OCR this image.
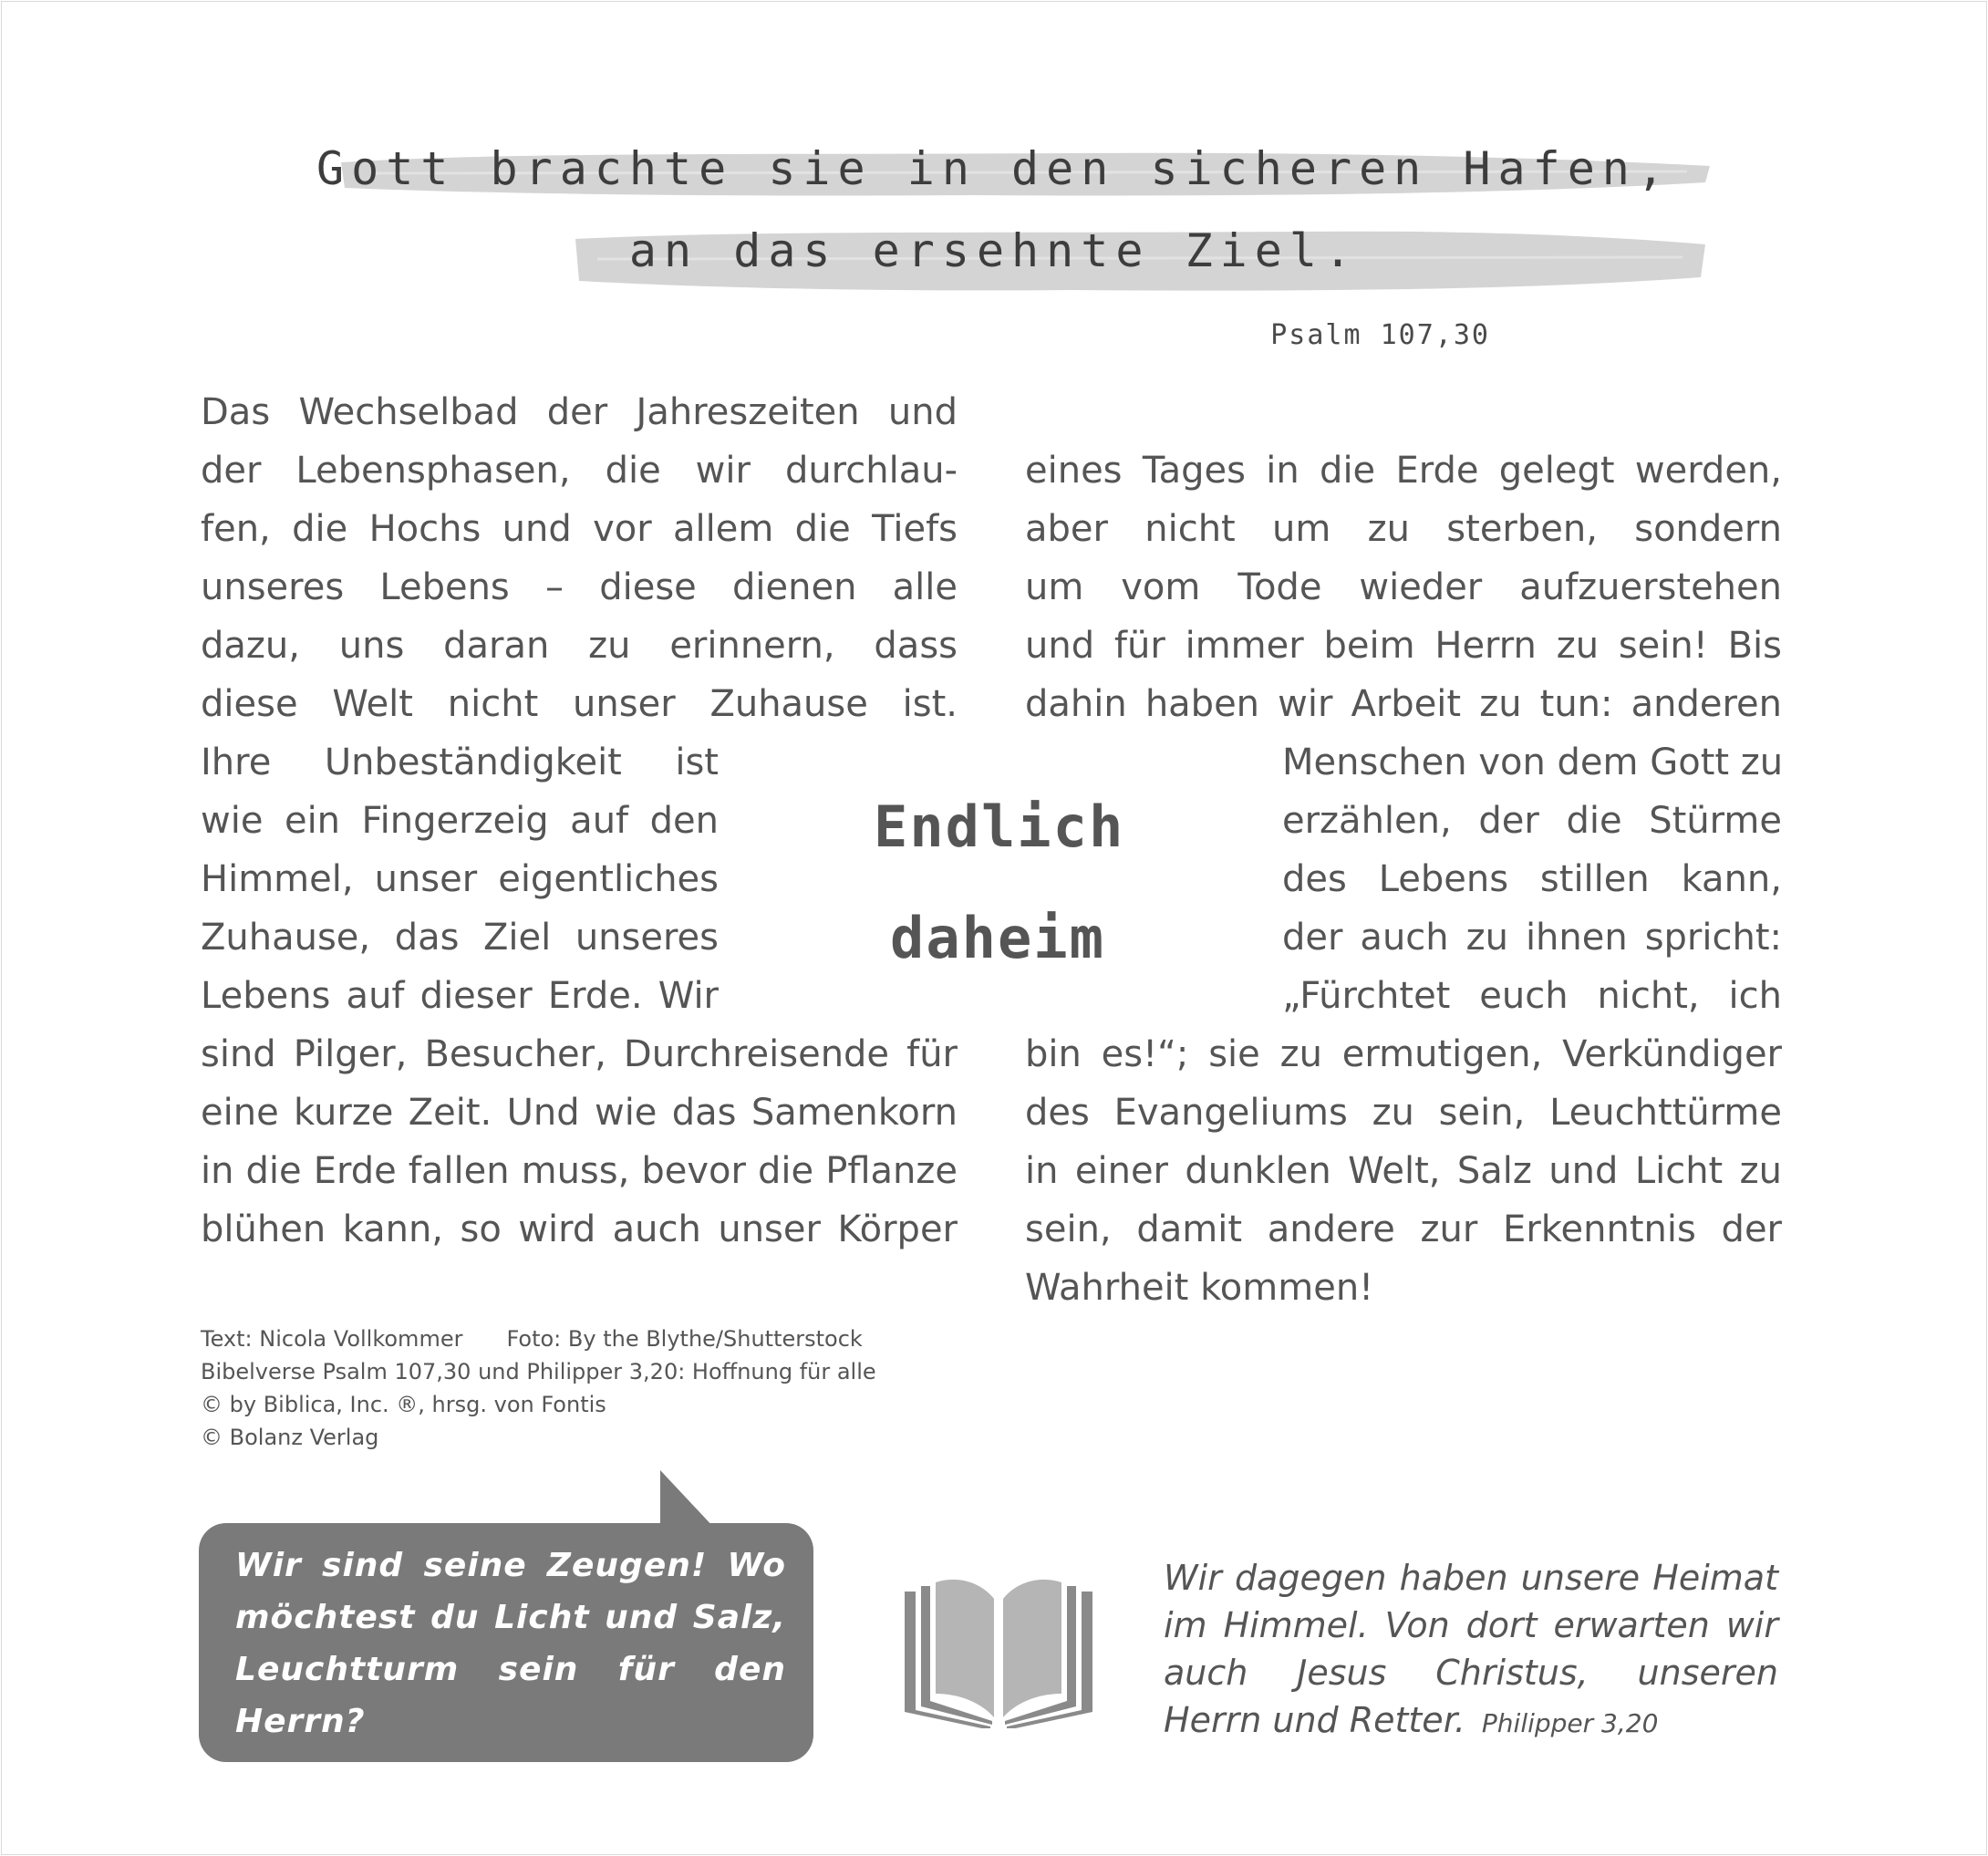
Gott brachte sie in den sicheren Hafen,
an das ersehnte Ziel.
Psalm 107,30
Das Wechselbad der Jahreszeiten und
der Lebensphasen, die wir durchlau-
fen, die Hochs und vor allem die Tiefs
unseres Lebens – diese dienen alle
dazu, uns daran zu erinnern, dass
diese Welt nicht unser Zuhause ist.
Ihre Unbeständigkeit ist
wie ein Fingerzeig auf den
Himmel, unser eigentliches
Zuhause, das Ziel unseres
Lebens auf dieser Erde. Wir
sind Pilger, Besucher, Durchreisende für
eine kurze Zeit. Und wie das Samenkorn
in die Erde fallen muss, bevor die Pflanze
blühen kann, so wird auch unser Körper
Endlich
daheim
eines Tages in die Erde gelegt werden,
aber nicht um zu sterben, sondern
um vom Tode wieder aufzuerstehen
und für immer beim Herrn zu sein! Bis
dahin haben wir Arbeit zu tun: anderen
Menschen von dem Gott zu
erzählen, der die Stürme
des Lebens stillen kann,
der auch zu ihnen spricht:
„Fürchtet euch nicht, ich
bin es!“; sie zu ermutigen, Verkündiger
des Evangeliums zu sein, Leuchttürme
in einer dunklen Welt, Salz und Licht zu
sein, damit andere zur Erkenntnis der
Wahrheit kommen!
Text: Nicola Vollkommer Foto: By the Blythe/Shutterstock
Bibelverse Psalm 107,30 und Philipper 3,20: Hoffnung für alle
© by Biblica, Inc. ®, hrsg. von Fontis
© Bolanz Verlag
Wir sind seine Zeugen! Wo
möchtest du Licht und Salz,
Leuchtturm sein für den
Herrn?
Wir dagegen haben unsere Heimat
im Himmel. Von dort erwarten wir
auch Jesus Christus, unseren
Herrn und Retter. Philipper 3,20
